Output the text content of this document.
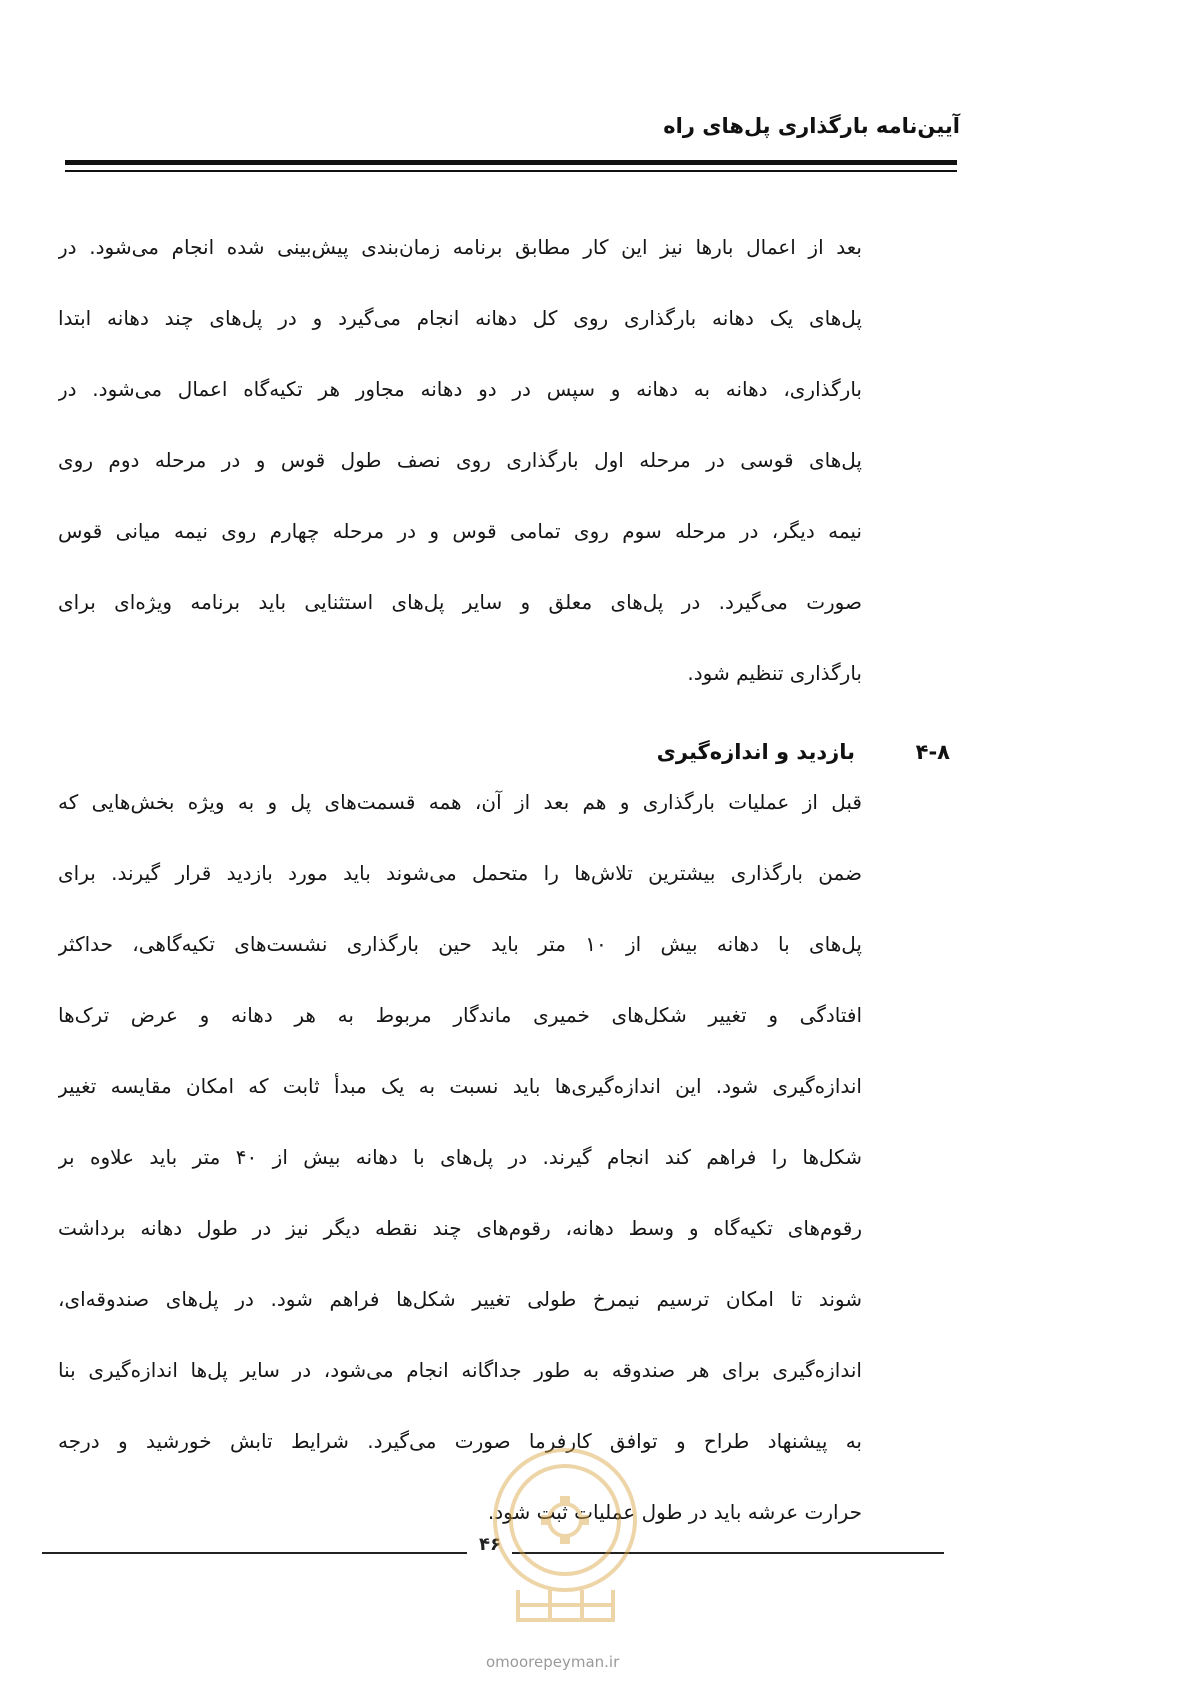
آیین‌نامه بارگذاری پل‌های راه
بعد از اعمال بارها نیز این کار مطابق برنامه زمان‌بندی پیش‌بینی شده انجام می‌شود. در
پل‌های یک دهانه بارگذاری روی کل دهانه انجام می‌گیرد و در پل‌های چند دهانه ابتدا
بارگذاری، دهانه به دهانه و سپس در دو دهانه مجاور هر تکیه‌گاه اعمال می‌شود. در
پل‌های قوسی در مرحله اول بارگذاری روی نصف طول قوس و در مرحله دوم روی
نیمه دیگر، در مرحله سوم روی تمامی قوس و در مرحله چهارم روی نیمه میانی قوس
صورت می‌گیرد. در پل‌های معلق و سایر پل‌های استثنایی باید برنامه ویژه‌ای برای
بارگذاری تنظیم شود.
۴-۸
بازدید و اندازه‌گیری
قبل از عملیات بارگذاری و هم بعد از آن، همه قسمت‌های پل و به ویژه بخش‌هایی که
ضمن بارگذاری بیشترین تلاش‌ها را متحمل می‌شوند باید مورد بازدید قرار گیرند. برای
پل‌های با دهانه بیش از ۱۰ متر باید حین بارگذاری نشست‌های تکیه‌گاهی، حداکثر
افتادگی و تغییر شکل‌های خمیری ماندگار مربوط به هر دهانه و عرض ترک‌ها
اندازه‌گیری شود. این اندازه‌گیری‌ها باید نسبت به یک مبدأ ثابت که امکان مقایسه تغییر
شکل‌ها را فراهم کند انجام گیرند. در پل‌های با دهانه بیش از ۴۰ متر باید علاوه بر
رقوم‌های تکیه‌گاه و وسط دهانه، رقوم‌های چند نقطه دیگر نیز در طول دهانه برداشت
شوند تا امکان ترسیم نیمرخ طولی تغییر شکل‌ها فراهم شود. در پل‌های صندوقه‌ای،
اندازه‌گیری برای هر صندوقه به طور جداگانه انجام می‌شود، در سایر پل‌ها اندازه‌گیری بنا
به پیشنهاد طراح و توافق کارفرما صورت می‌گیرد. شرایط تابش خورشید و درجه
حرارت عرشه باید در طول عملیات ثبت شود.
۴۶
omoorepeyman.ir
